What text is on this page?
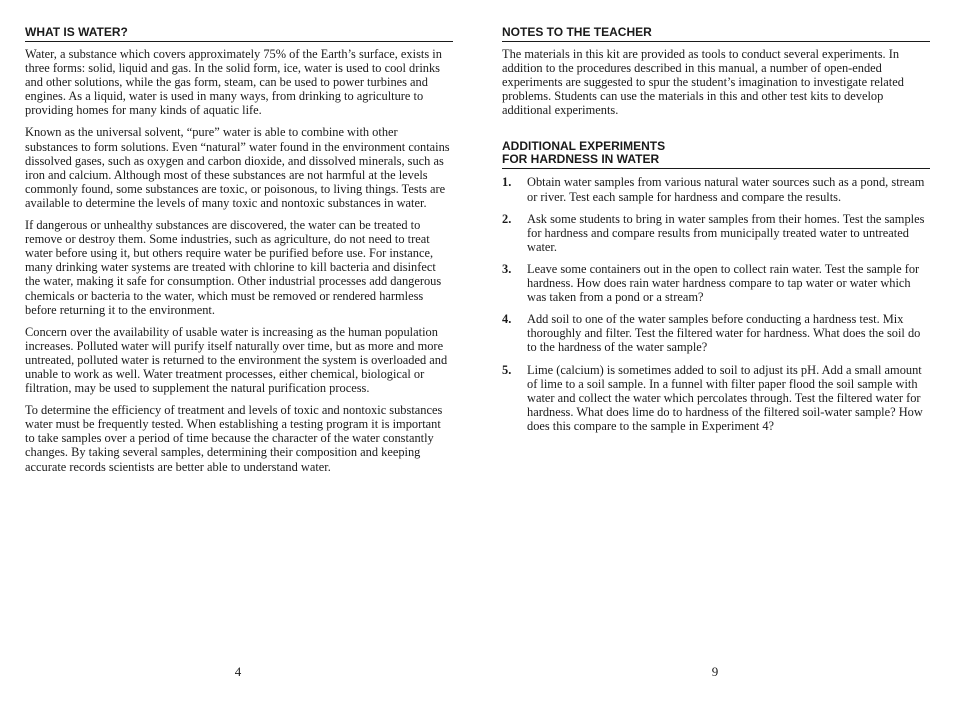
WHAT IS WATER?

Water, a substance which covers approximately 75% of the Earth’s surface, exists in three forms: solid, liquid and gas. In the solid form, ice, water is used to cool drinks and other solutions, while the gas form, steam, can be used to power turbines and engines. As a liquid, water is used in many ways, from drinking to agriculture to providing homes for many kinds of aquatic life.

Known as the universal solvent, “pure” water is able to combine with other substances to form solutions. Even “natural” water found in the environment contains dissolved gases, such as oxygen and carbon dioxide, and dissolved minerals, such as iron and calcium. Although most of these substances are not harmful at the levels commonly found, some substances are toxic, or poisonous, to living things. Tests are available to determine the levels of many toxic and nontoxic substances in water.

If dangerous or unhealthy substances are discovered, the water can be treated to remove or destroy them. Some industries, such as agriculture, do not need to treat water before using it, but others require water be purified before use. For instance, many drinking water systems are treated with chlorine to kill bacteria and disinfect the water, making it safe for consumption. Other industrial processes add dangerous chemicals or bacteria to the water, which must be removed or rendered harmless before returning it to the environment.

Concern over the availability of usable water is increasing as the human population increases. Polluted water will purify itself naturally over time, but as more and more untreated, polluted water is returned to the environment the system is overloaded and unable to work as well. Water treatment processes, either chemical, biological or filtration, may be used to supplement the natural purification process.

To determine the efficiency of treatment and levels of toxic and nontoxic substances water must be frequently tested. When establishing a testing program it is important to take samples over a period of time because the character of the water constantly changes. By taking several samples, determining their composition and keeping accurate records scientists are better able to understand water.

4
NOTES TO THE TEACHER

The materials in this kit are provided as tools to conduct several experiments. In addition to the procedures described in this manual, a number of open-ended experiments are suggested to spur the student’s imagination to investigate related problems. Students can use the materials in this and other test kits to develop additional experiments.

ADDITIONAL EXPERIMENTS
FOR HARDNESS IN WATER
1. Obtain water samples from various natural water sources such as a pond, stream or river. Test each sample for hardness and compare the results.
2. Ask some students to bring in water samples from their homes. Test the samples for hardness and compare results from municipally treated water to untreated water.
3. Leave some containers out in the open to collect rain water. Test the sample for hardness. How does rain water hardness compare to tap water or water which was taken from a pond or a stream?
4. Add soil to one of the water samples before conducting a hardness test. Mix thoroughly and filter. Test the filtered water for hardness. What does the soil do to the hardness of the water sample?
5. Lime (calcium) is sometimes added to soil to adjust its pH. Add a small amount of lime to a soil sample. In a funnel with filter paper flood the soil sample with water and collect the water which percolates through. Test the filtered water for hardness. What does lime do to hardness of the filtered soil-water sample? How does this compare to the sample in Experiment 4?
9
